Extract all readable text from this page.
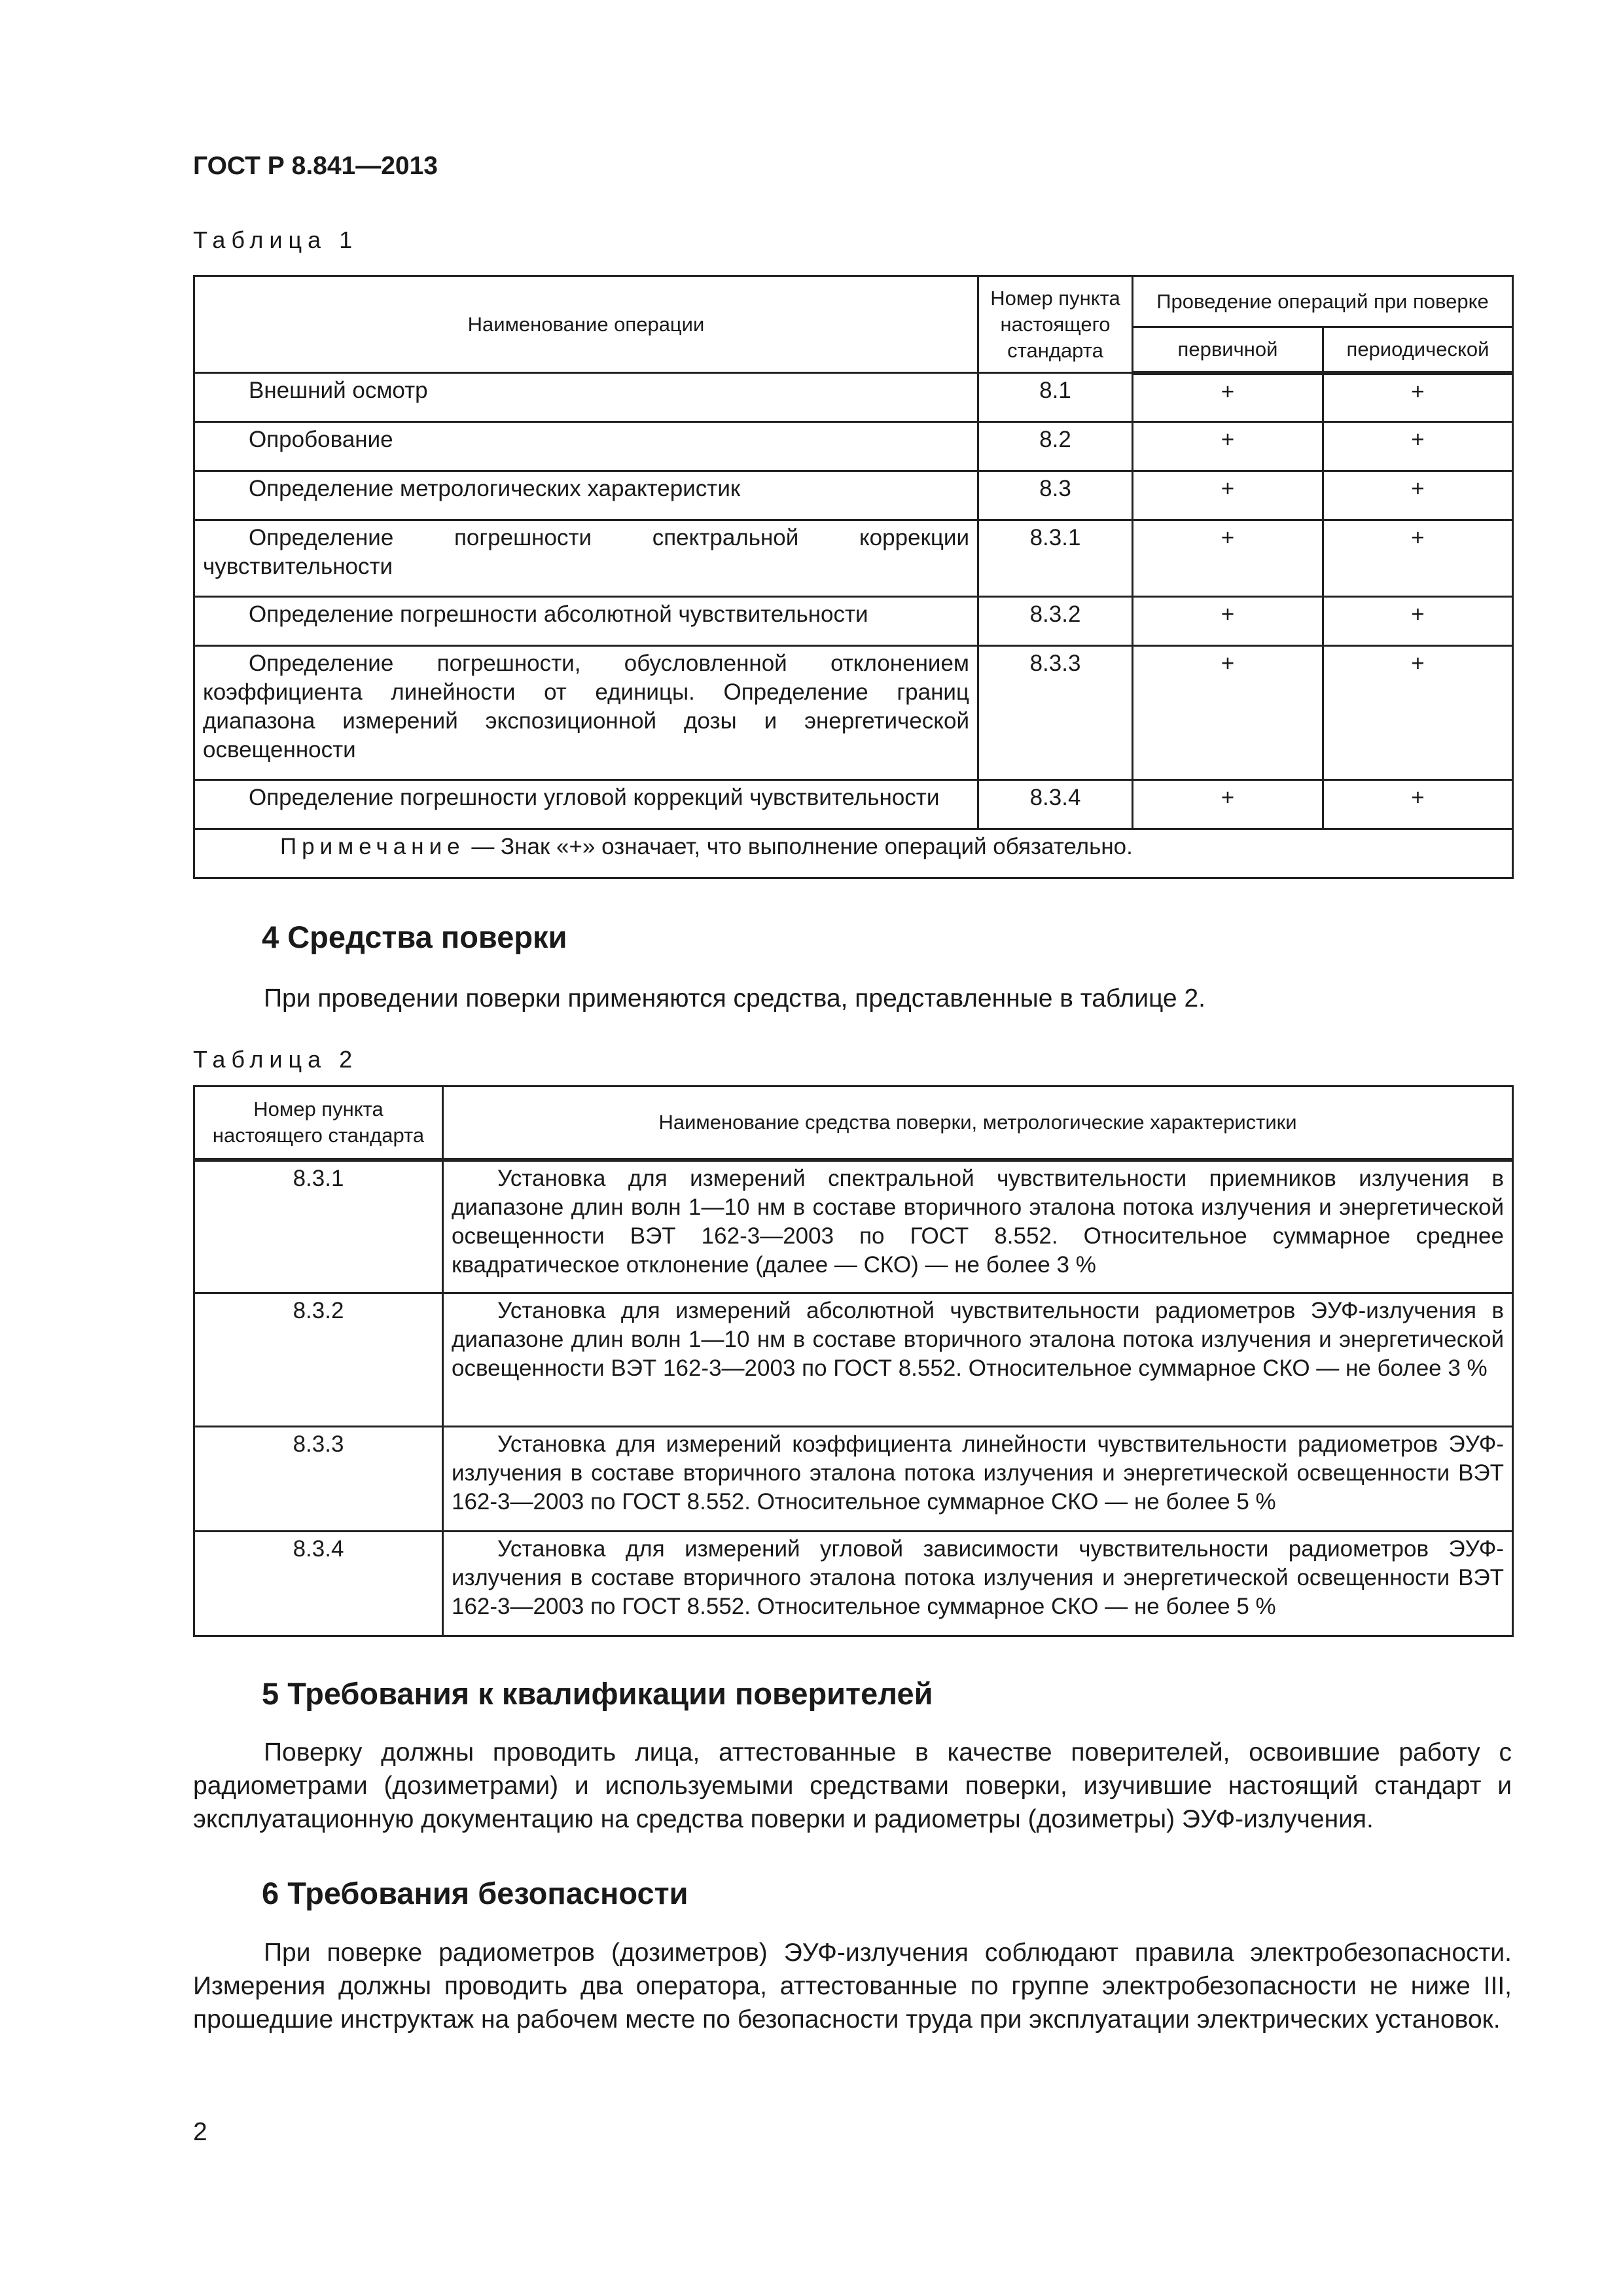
ГОСТ Р 8.841—2013
Таблица 1
Наименование операции	Номер пункта настоящего стандарта	Проведение операций при поверке	
		первичной	периодической
Внешний осмотр	8.1	+	+
Опробование	8.2	+	+
Определение метрологических характеристик	8.3	+	+
Определение погрешности спектральной коррекции чувствительности	8.3.1	+	+
Определение погрешности абсолютной чувствительности	8.3.2	+	+
Определение погрешности, обусловленной отклонением коэффициента линейности от единицы. Определение границ диапазона измерений экспозиционной дозы и энергетической освещенности	8.3.3	+	+
Определение погрешности угловой коррекций чувствительности	8.3.4	+	+
Примечание — Знак «+» означает, что выполнение операций обязательно.			
4 Средства поверки

При проведении поверки применяются средства, представленные в таблице 2.

Таблица 2
Номер пункта настоящего стандарта	Наименование средства поверки, метрологические характеристики
8.3.1	Установка для измерений спектральной чувствительности приемников излучения в диапазоне длин волн 1—10 нм в составе вторичного эталона потока излучения и энергетической освещенности ВЭТ 162-3—2003 по ГОСТ 8.552. Относительное суммарное среднее квадратическое отклонение (далее — СКО) — не более 3 %
8.3.2	Установка для измерений абсолютной чувствительности радиометров ЭУФ-излучения в диапазоне длин волн 1—10 нм в составе вторичного эталона потока излучения и энергетической освещенности ВЭТ 162-3—2003 по ГОСТ 8.552. Относительное суммарное СКО — не более 3 %
8.3.3	Установка для измерений коэффициента линейности чувствительности радиометров ЭУФ-излучения в составе вторичного эталона потока излучения и энергетической освещенности ВЭТ 162-3—2003 по ГОСТ 8.552. Относительное суммарное СКО — не более 5 %
8.3.4	Установка для измерений угловой зависимости чувствительности радиометров ЭУФ-излучения в составе вторичного эталона потока излучения и энергетической освещенности ВЭТ 162-3—2003 по ГОСТ 8.552. Относительное суммарное СКО — не более 5 %
5 Требования к квалификации поверителей

Поверку должны проводить лица, аттестованные в качестве поверителей, освоившие работу с радиометрами (дозиметрами) и используемыми средствами поверки, изучившие настоящий стандарт и эксплуатационную документацию на средства поверки и радиометры (дозиметры) ЭУФ-излучения.

6 Требования безопасности

При поверке радиометров (дозиметров) ЭУФ-излучения соблюдают правила электробезопасности. Измерения должны проводить два оператора, аттестованные по группе электробезопасности не ниже III, прошедшие инструктаж на рабочем месте по безопасности труда при эксплуатации электрических установок.

2
